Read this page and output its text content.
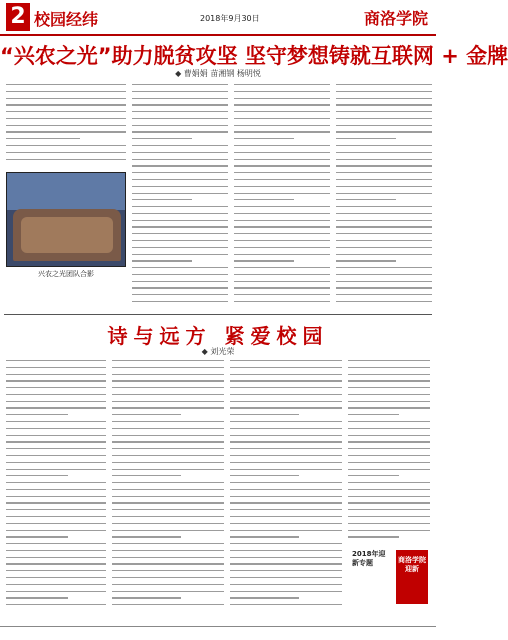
2 校园经纬	2018年9月30日	商洛学院
“兴农之光”助力脱贫攻坚 坚守梦想铸就互联网 + 金牌
◆ 曹娟娟 苗湘钢 杨明悦
兴农之光团队合影
诗与远方 紧爱校园
◆ 刘光荣
2018年迎新专题	商洛学院迎新
